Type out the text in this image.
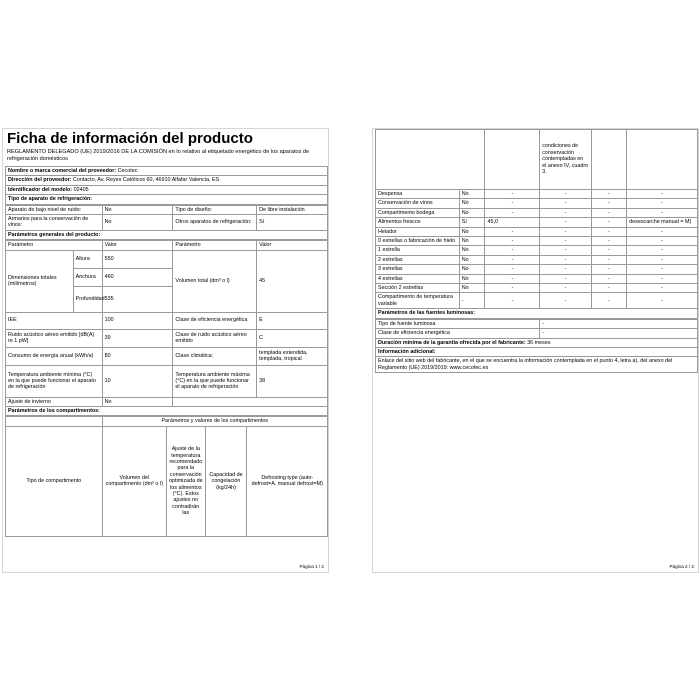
Ficha de información del producto
REGLAMENTO DELEGADO (UE) 2019/2016 DE LA COMISIÓN en lo relativo al etiquetado energético de los aparatos de refrigeración domésticos
Nombre o marca comercial del proveedor: Cecotec
Dirección del proveedor: Contacto, Av. Reyes Católicos 60, 46910 Alfafar Valencia, ES
Identificador del modelo: 02405
Tipo de aparato de refrigeración:
Aparato de bajo nivel de ruido:	No	Tipo de diseño:	De libre instalación
Armarios para la conservación de vinos:	No	Otros aparatos de refrigeración:	Sí
Parámetros generales del producto:			
Parámetro		Valor	Parámetro	Valor
Dimensiones totales (milímetros)	Altura	550	Volumen total (dm³ o l)	45
	Anchura	460		
	Profundidad	535		
IEE		100	Clase de eficiencia energética	E
Ruido acústico aéreo emitido [dB(A) re 1 pW]		39	Clase de ruido acústico aéreo emitido	C
Consumo de energía anual (kWh/a)		80	Clase climática:	templada extendida, templada, tropical
Temperatura ambiente mínima (°C) en la que puede funcionar el aparato de refrigeración		10	Temperatura ambiente máxima (°C) en la que puede funcionar el aparato de refrigeración	38
Ajuste de invierno		No		
Parámetros de los compartimentos:				
	Parámetros y valores de los compartimentos			
Tipo de compartimento	Volumen del compartimento (dm³ o l)	Ajuste de la temperatura recomendado para la conservación optimizada de los alimentos (°C). Estos ajustes no contradirán las	Capacidad de congelación (kg/24h)	Defrosting type (auto-defrost=A, manual defrost=M)
Página 1 / 2
			condiciones de conservación contempladas en el anexo IV, cuadro 3.		
Despensa	No	-	-	-	-
Conservación de vinos	No	-	-	-	-
Compartimento bodega	No	-	-	-	-
Alimentos frescos	Sí	45,0	-	-	desescarche manual = M)
Helador	No	-	-	-	-
0 estrellas o fabricación de hielo	No	-	-	-	-
1 estrella	No	-	-	-	-
2 estrellas	No	-	-	-	-
3 estrellas	No	-	-	-	-
4 estrellas	No	-	-	-	-
Sección 2 estrellas	No	-	-	-	-
Compartimento de temperatura variable	-	-	-	-	-
Parámetros de las fuentes luminosas:					
Tipo de fuente luminosa	-
Clase de eficiencia energética	-
Duración mínima de la garantía ofrecida por el fabricante: 36 meses	
Información adicional:	
Enlace del sitio web del fabricante, en el que se encuentra la información contemplada en el punto 4, letra a), del anexo del Reglamento (UE) 2019/2019: www.cecotec.es	
Página 2 / 2
